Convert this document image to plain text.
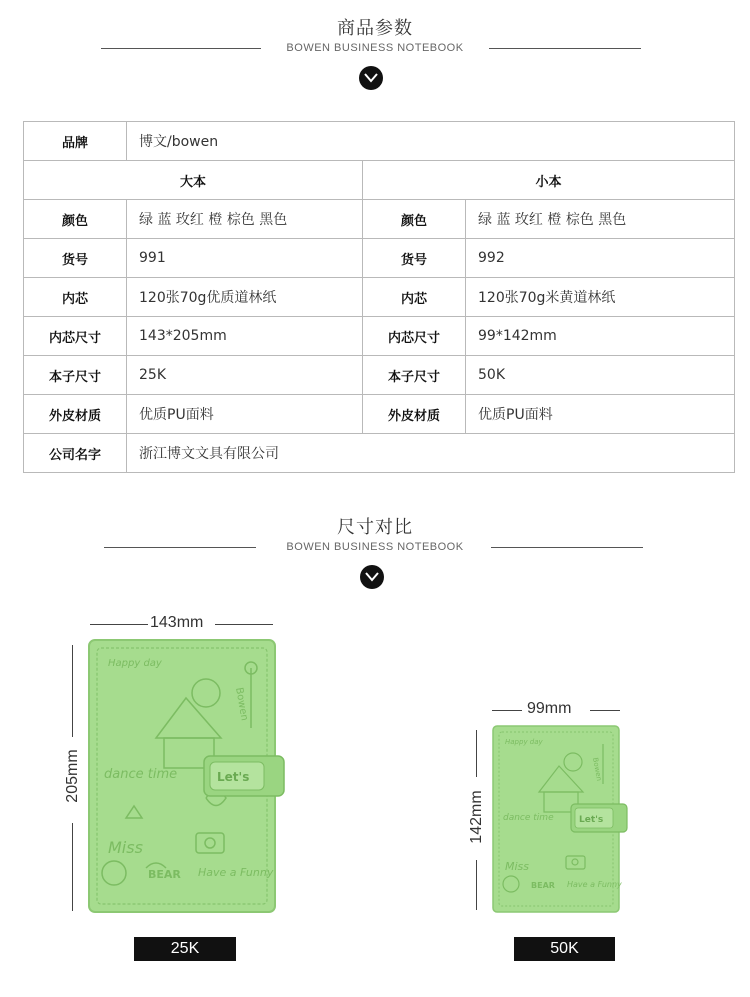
商品参数
BOWEN BUSINESS NOTEBOOK
品牌	博文/bowen		
大本		小本	
颜色	绿 蓝 玫红 橙 棕色 黑色	颜色	绿 蓝 玫红 橙 棕色 黑色
货号	991	货号	992
内芯	120张70g优质道林纸	内芯	120张70g米黄道林纸
内芯尺寸	143*205mm	内芯尺寸	99*142mm
本子尺寸	25K	本子尺寸	50K
外皮材质	优质PU面料	外皮材质	优质PU面料
公司名字	浙江博文文具有限公司		
尺寸对比
BOWEN BUSINESS NOTEBOOK
143mm
205mm
Happy day
dance time
Miss
BEAR Have a Funny
Bowen
Let's
25K
99mm
142mm
Happy day
dance time
Miss
BEAR Have a Funny
Bowen
Let's
50K
